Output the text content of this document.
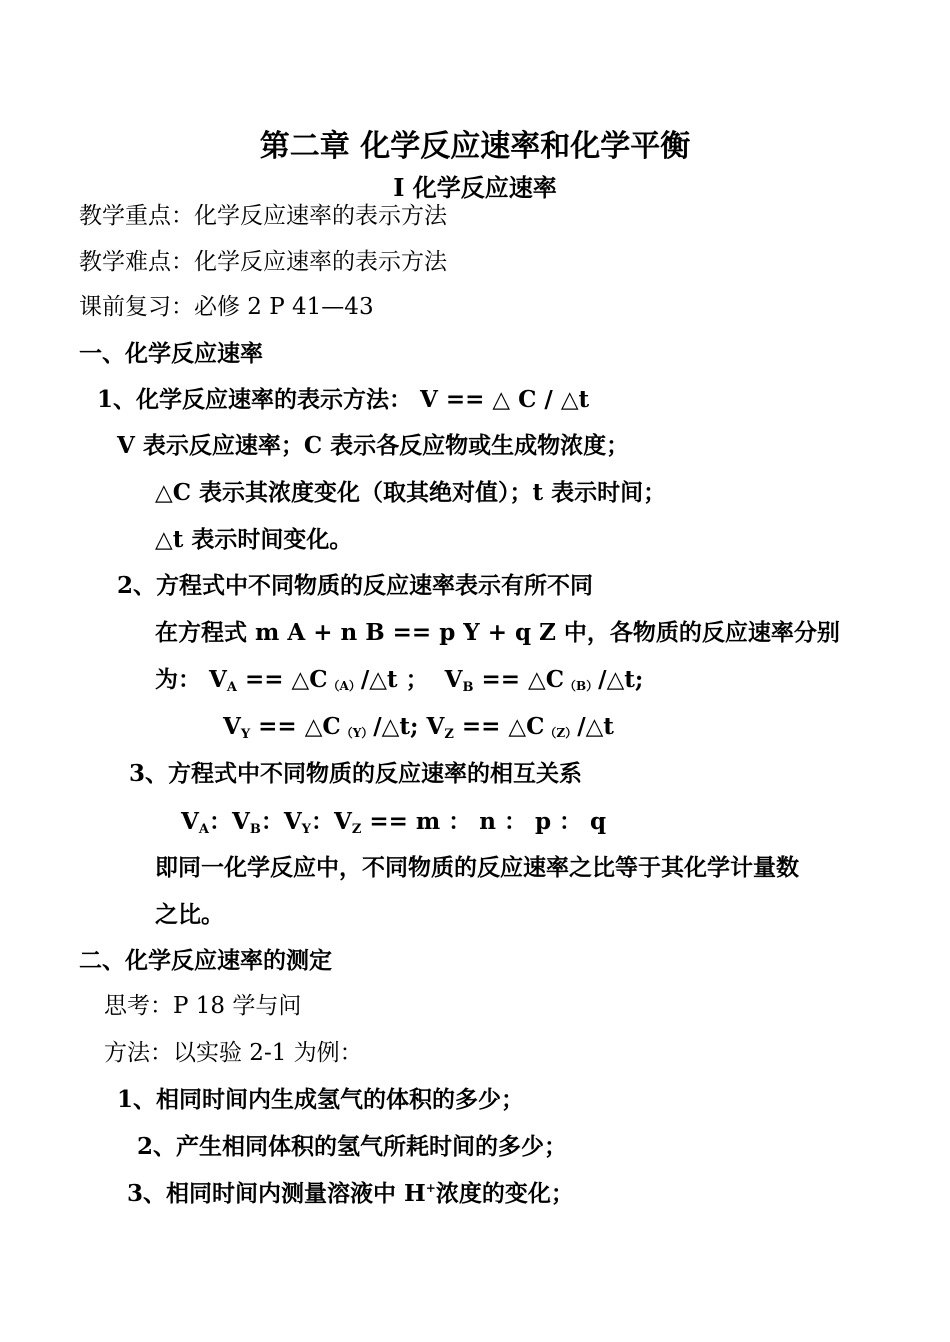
第二章 化学反应速率和化学平衡
Ⅰ 化学反应速率
教学重点：化学反应速率的表示方法
教学难点：化学反应速率的表示方法
课前复习：必修 2 P 41—43
一、化学反应速率
1、化学反应速率的表示方法： V == △ C / △t
V 表示反应速率；C 表示各反应物或生成物浓度；
△C 表示其浓度变化（取其绝对值）；t 表示时间；
△t 表示时间变化。
2、方程式中不同物质的反应速率表示有所不同
在方程式 m A + n B == p Y + q Z 中，各物质的反应速率分别
为： $V_A$ == △C（A）/△t ； $V_B$ == △C（B）/△t;
$V_Y$ == △C（Y）/△t; $V_Z$ == △C（Z）/△t
3、方程式中不同物质的反应速率的相互关系
$V_A$：$V_B$：$V_Y$：$V_Z == m$ ： n ： p ： q
即同一化学反应中，不同物质的反应速率之比等于其化学计量数
之比。
二、化学反应速率的测定
思考：P 18 学与问
方法：以实验 2-1 为例：
1、相同时间内生成氢气的体积的多少；
2、产生相同体积的氢气所耗时间的多少；
3、相同时间内测量溶液中 H+浓度的变化；
